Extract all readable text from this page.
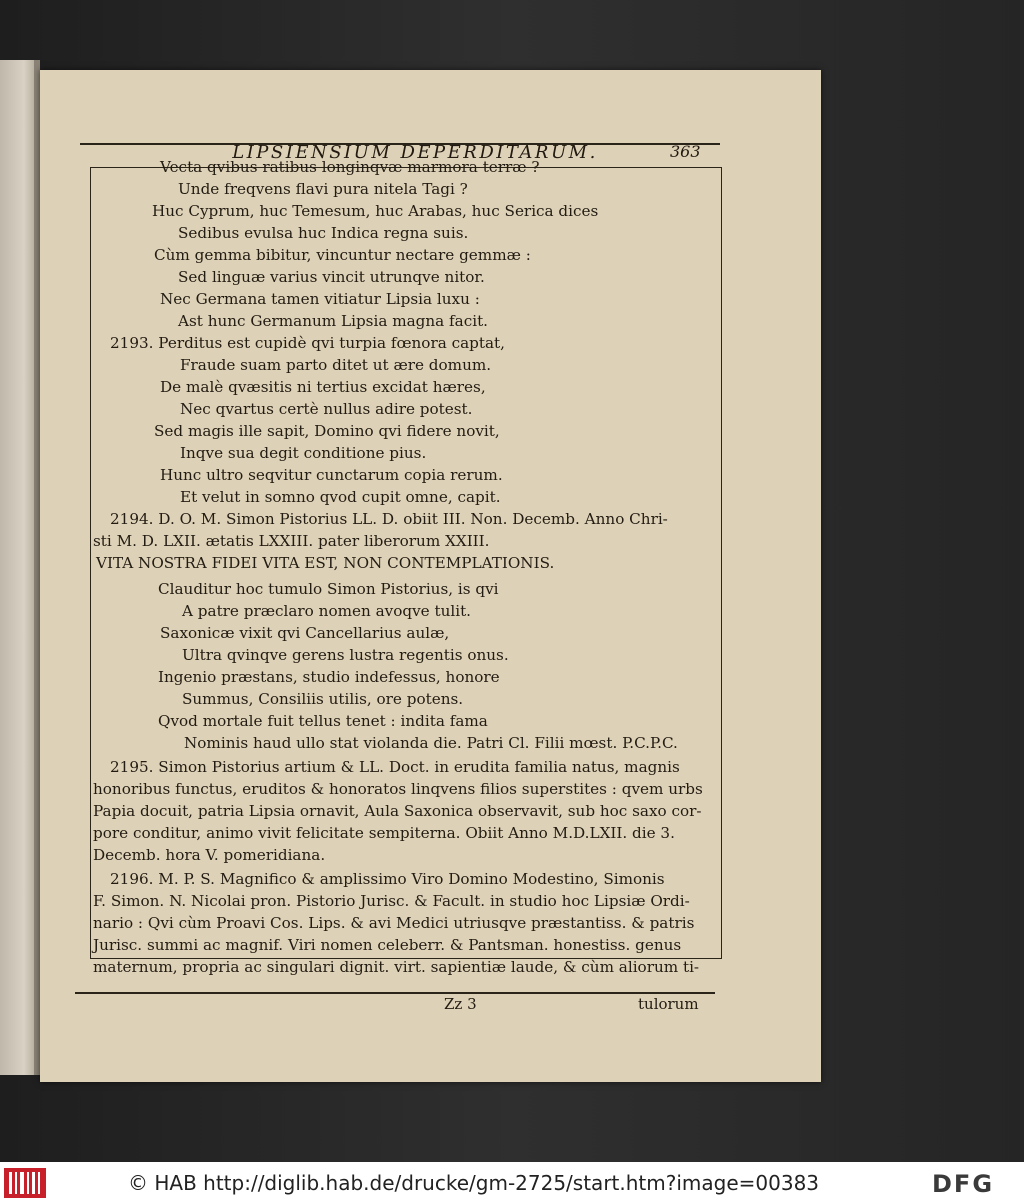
LIPSIENSIUM DEPERDITARUM.	363
Vecta qvibus ratibus longinqvæ marmora terræ ?
Unde freqvens flavi pura nitela Tagi ?
Huc Cyprum, huc Temesum, huc Arabas, huc Serica dices
Sedibus evulsa huc Indica regna suis.
Cùm gemma bibitur, vincuntur nectare gemmæ :
Sed linguæ varius vincit utrunqve nitor.
Nec Germana tamen vitiatur Lipsia luxu :
Ast hunc Germanum Lipsia magna facit.
2193. Perditus est cupidè qvi turpia fœnora captat,
Fraude suam parto ditet ut ære domum.
De malè qvæsitis ni tertius excidat hæres,
Nec qvartus certè nullus adire potest.
Sed magis ille sapit, Domino qvi fidere novit,
Inqve sua degit conditione pius.
Hunc ultro seqvitur cunctarum copia rerum.
Et velut in somno qvod cupit omne, capit.
2194. D. O. M. Simon Pistorius LL. D. obiit III. Non. Decemb. Anno Chri-
sti M. D. LXII. ætatis LXXIII. pater liberorum XXIII.
VITA NOSTRA FIDEI VITA EST, NON CONTEMPLATIONIS.
Clauditur hoc tumulo Simon Pistorius, is qvi
A patre præclaro nomen avoqve tulit.
Saxonicæ vixit qvi Cancellarius aulæ,
Ultra qvinqve gerens lustra regentis onus.
Ingenio præstans, studio indefessus, honore
Summus, Consiliis utilis, ore potens.
Qvod mortale fuit tellus tenet : indita fama
Nominis haud ullo stat violanda die. Patri Cl. Filii mœst. P.C.P.C.
2195. Simon Pistorius artium & LL. Doct. in erudita familia natus, magnis
honoribus functus, eruditos & honoratos linqvens filios superstites : qvem urbs
Papia docuit, patria Lipsia ornavit, Aula Saxonica observavit, sub hoc saxo cor-
pore conditur, animo vivit felicitate sempiterna. Obiit Anno M.D.LXII. die 3.
Decemb. hora V. pomeridiana.
2196. M. P. S. Magnifico & amplissimo Viro Domino Modestino, Simonis
F. Simon. N. Nicolai pron. Pistorio Jurisc. & Facult. in studio hoc Lipsiæ Ordi-
nario : Qvi cùm Proavi Cos. Lips. & avi Medici utriusqve præstantiss. & patris
Jurisc. summi ac magnif. Viri nomen celeberr. & Pantsman. honestiss. genus
maternum, propria ac singulari dignit. virt. sapientiæ laude, & cùm aliorum ti-
Zz 3	tulorum
© HAB http://diglib.hab.de/drucke/gm-2725/start.htm?image=00383	DFG
